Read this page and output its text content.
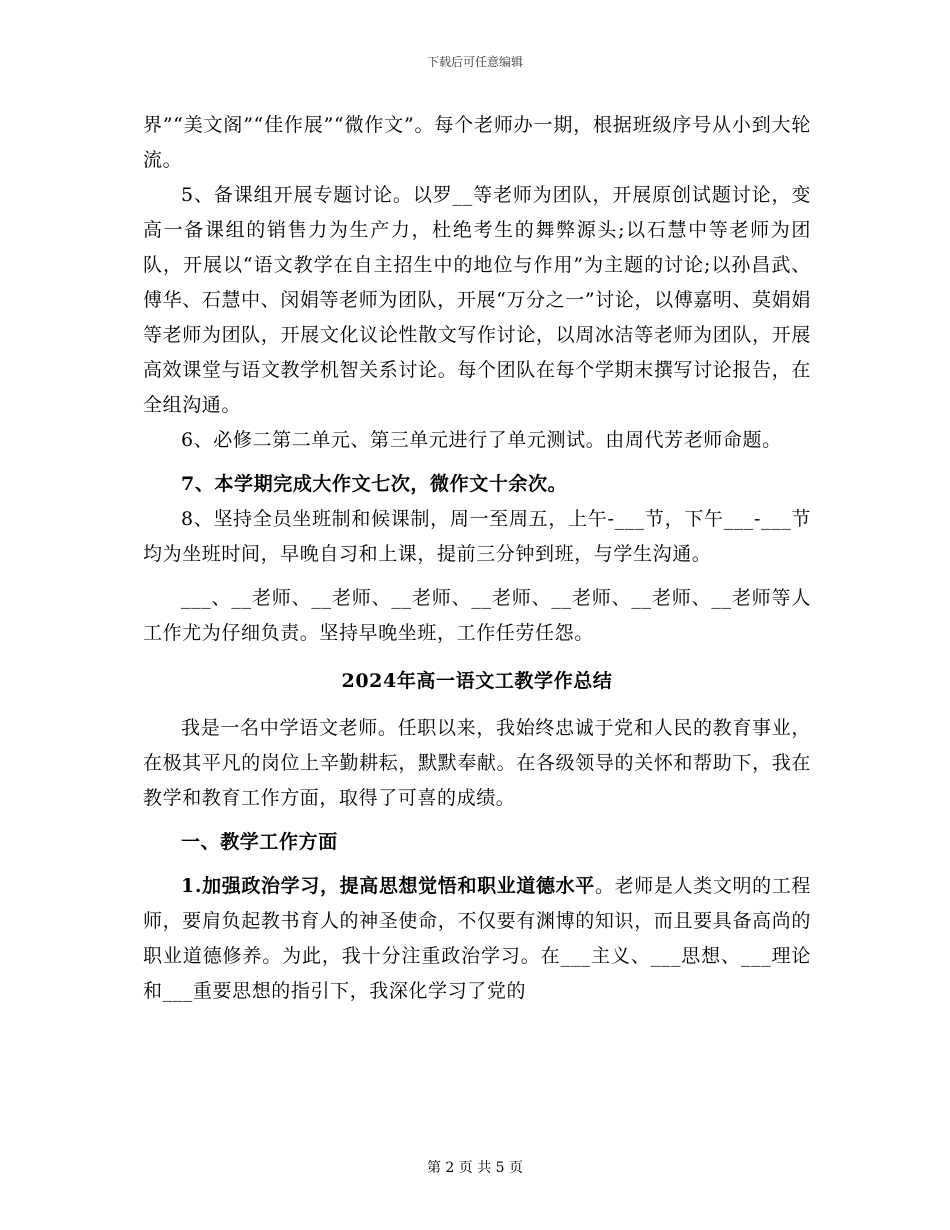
下载后可任意编辑

界”“美文阁”“佳作展”“微作文”。每个老师办一期，根据班级序号从小到大轮流。

5、备课组开展专题讨论。以罗__等老师为团队，开展原创试题讨论，变高一备课组的销售力为生产力，杜绝考生的舞弊源头;以石慧中等老师为团队，开展以“语文教学在自主招生中的地位与作用”为主题的讨论;以孙昌武、傅华、石慧中、闵娟等老师为团队，开展“万分之一”讨论，以傅嘉明、莫娟娟等老师为团队，开展文化议论性散文写作讨论，以周冰洁等老师为团队，开展高效课堂与语文教学机智关系讨论。每个团队在每个学期末撰写讨论报告，在全组沟通。

6、必修二第二单元、第三单元进行了单元测试。由周代芳老师命题。

7、本学期完成大作文七次，微作文十余次。

8、坚持全员坐班制和候课制，周一至周五，上午-___节，下午___-___节均为坐班时间，早晚自习和上课，提前三分钟到班，与学生沟通。

___、__老师、__老师、__老师、__老师、__老师、__老师、__老师等人工作尤为仔细负责。坚持早晚坐班，工作任劳任怨。

2024年高一语文工教学作总结

我是一名中学语文老师。任职以来，我始终忠诚于党和人民的教育事业，在极其平凡的岗位上辛勤耕耘，默默奉献。在各级领导的关怀和帮助下，我在教学和教育工作方面，取得了可喜的成绩。

一、教学工作方面

1.加强政治学习，提高思想觉悟和职业道德水平。老师是人类文明的工程师，要肩负起教书育人的神圣使命，不仅要有渊博的知识，而且要具备高尚的职业道德修养。为此，我十分注重政治学习。在___主义、___思想、___理论和___重要思想的指引下，我深化学习了党的

第 2 页 共 5 页
